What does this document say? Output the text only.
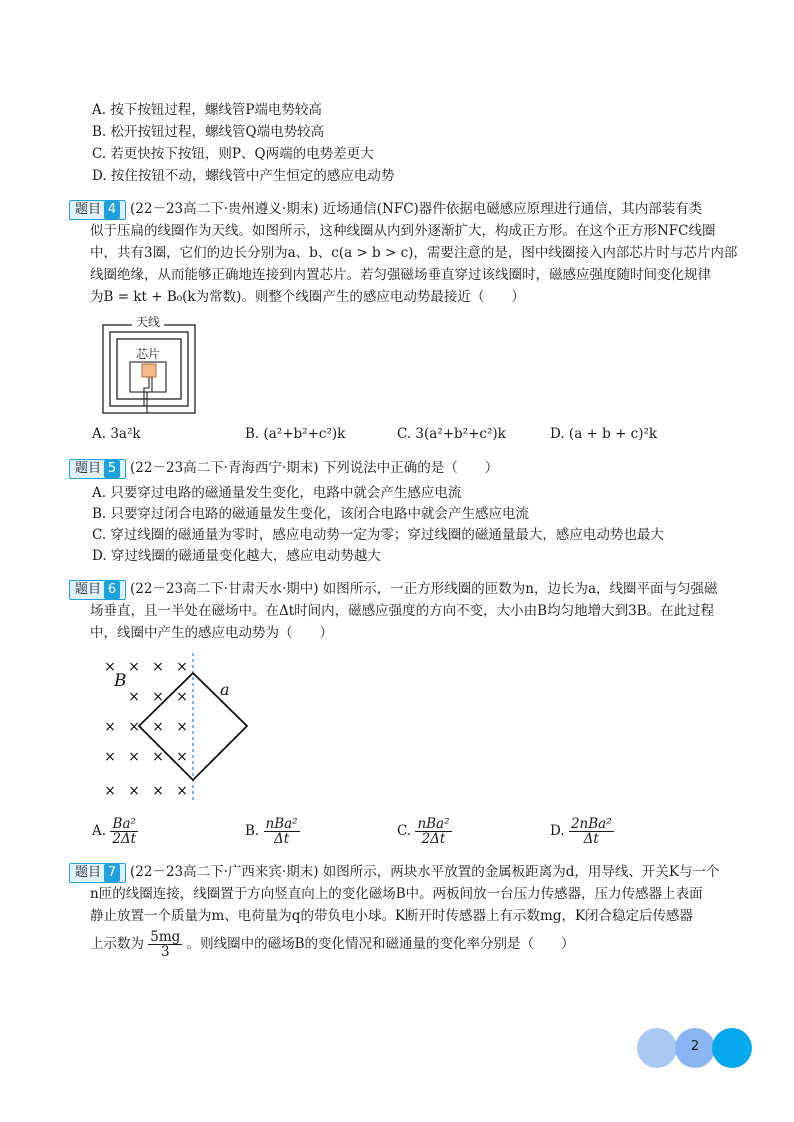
A. 按下按钮过程，螺线管P端电势较高
B. 松开按钮过程，螺线管Q端电势较高
C. 若更快按下按钮，则P、Q两端的电势差更大
D. 按住按钮不动，螺线管中产生恒定的感应电动势
题目 4	(22－23高二下·贵州遵义·期末) 近场通信(NFC)器件依据电磁感应原理进行通信，其内部装有类
似于压扁的线圈作为天线。如图所示，这种线圈从内到外逐渐扩大，构成正方形。在这个正方形NFC线圈
中，共有3圈，它们的边长分别为a、b、c(a > b > c)，需要注意的是，图中线圈接入内部芯片时与芯片内部
线圈绝缘，从而能够正确地连接到内置芯片。若匀强磁场垂直穿过该线圈时，磁感应强度随时间变化规律
为B = kt + B₀(k为常数)。则整个线圈产生的感应电动势最接近（　　）
天线
芯片
A. 3a²k	B. (a²+b²+c²)k	C. 3(a²+b²+c²)k	D. (a + b + c)²k
题目 5	(22－23高二下·青海西宁·期末) 下列说法中正确的是（　　）
A. 只要穿过电路的磁通量发生变化，电路中就会产生感应电流
B. 只要穿过闭合电路的磁通量发生变化，该闭合电路中就会产生感应电流
C. 穿过线圈的磁通量为零时，感应电动势一定为零；穿过线圈的磁通量最大，感应电动势也最大
D. 穿过线圈的磁通量变化越大，感应电动势越大
题目 6	(22－23高二下·甘肃天水·期中) 如图所示，一正方形线圈的匝数为n，边长为a，线圈平面与匀强磁
场垂直，且一半处在磁场中。在Δt时间内，磁感应强度的方向不变，大小由B均匀地增大到3B。在此过程
中，线圈中产生的感应电动势为（　　）
× × × ×
× × ×
× × × ×
× × × ×
× × × ×
B	a
A. $\frac{\text{Ba²}}{2\Delta t}$	B. $\frac{\text{nBa²}}{\Delta t}$	C. $\frac{\text{nBa²}}{2\Delta t}$	D. $\frac{\text{2nBa²}}{\Delta t}$
题目 7	(22－23高二下·广西来宾·期末) 如图所示，两块水平放置的金属板距离为d，用导线、开关K与一个
n匝的线圈连接，线圈置于方向竖直向上的变化磁场B中。两板间放一台压力传感器，压力传感器上表面
静止放置一个质量为m、电荷量为q的带负电小球。K断开时传感器上有示数mg，K闭合稳定后传感器
上示数为 $\frac{5mg}{3}$ 。则线圈中的磁场B的变化情况和磁通量的变化率分别是（　　）
2
